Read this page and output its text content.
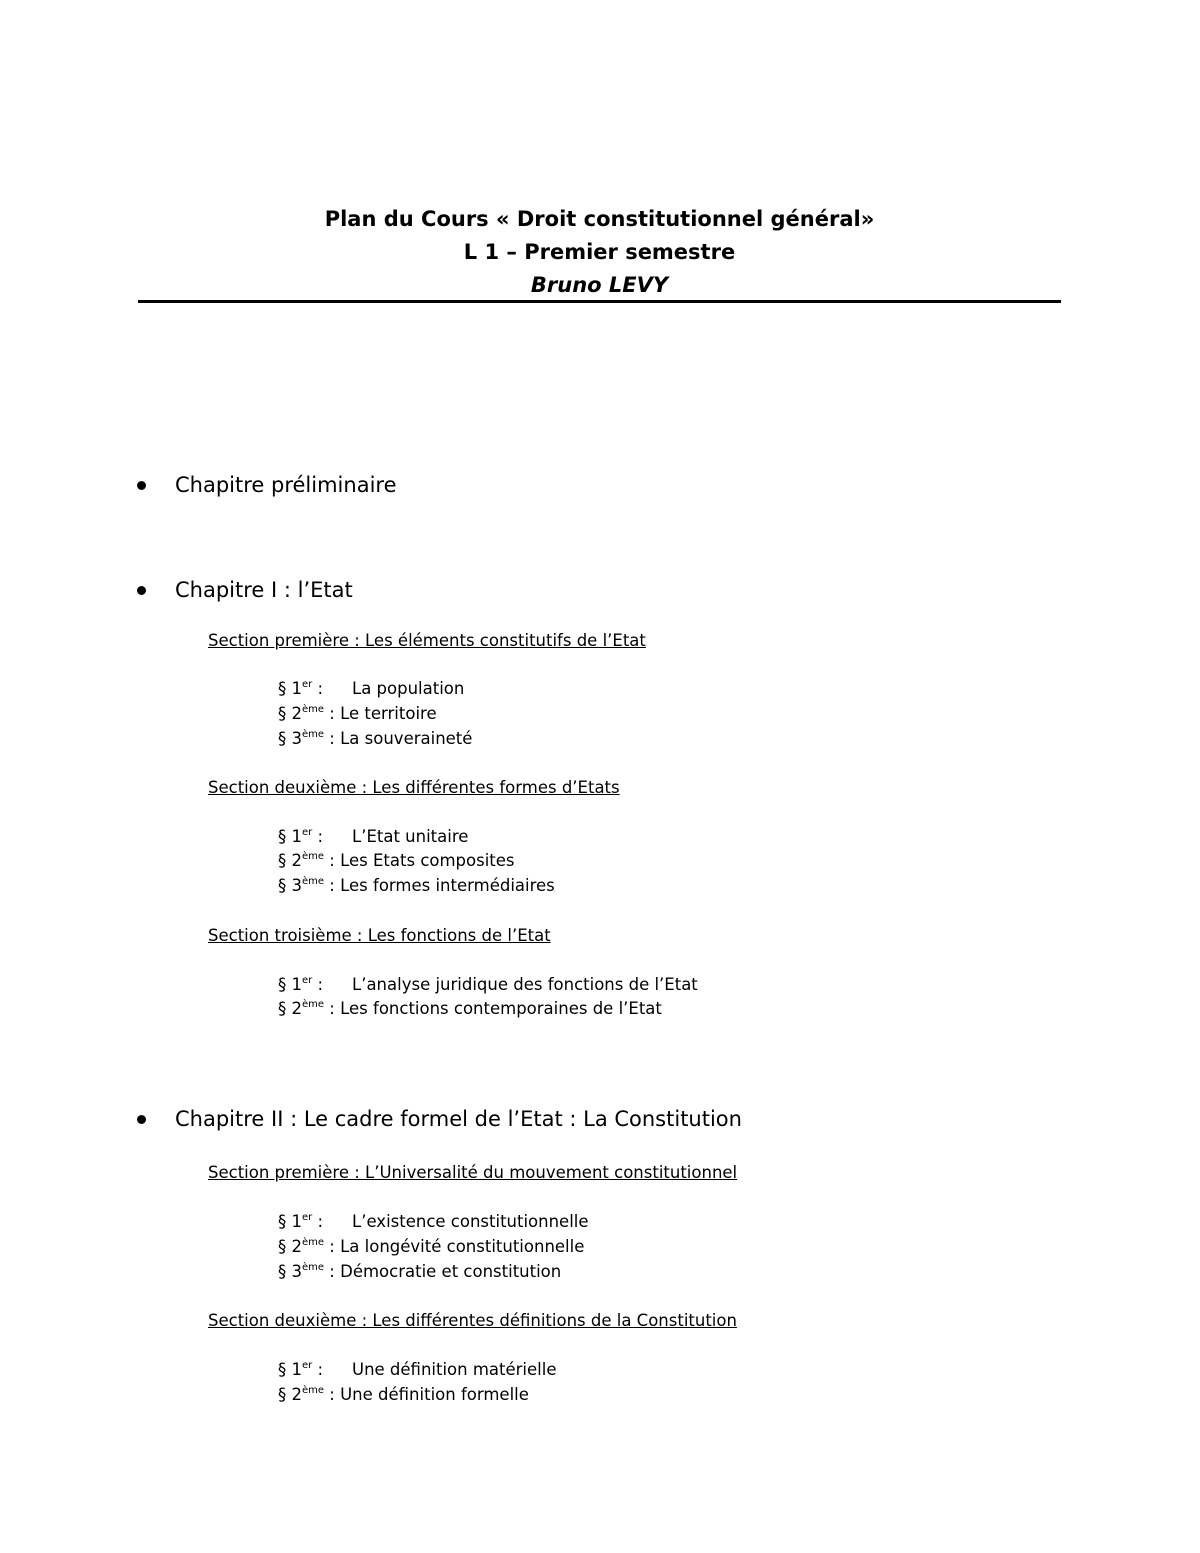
Plan du Cours « Droit constitutionnel général»
L 1 – Premier semestre
Bruno LEVY
Chapitre préliminaire
Chapitre I : l’Etat
Section première : Les éléments constitutifs de l’Etat
§ 1er : La population
§ 2ème : Le territoire
§ 3ème : La souveraineté
Section deuxième : Les différentes formes d’Etats
§ 1er : L’Etat unitaire
§ 2ème : Les Etats composites
§ 3ème : Les formes intermédiaires
Section troisième : Les fonctions de l’Etat
§ 1er : L’analyse juridique des fonctions de l’Etat
§ 2ème : Les fonctions contemporaines de l’Etat
Chapitre II : Le cadre formel de l’Etat : La Constitution
Section première : L’Universalité du mouvement constitutionnel
§ 1er : L’existence constitutionnelle
§ 2ème : La longévité constitutionnelle
§ 3ème : Démocratie et constitution
Section deuxième : Les différentes définitions de la Constitution
§ 1er : Une définition matérielle
§ 2ème : Une définition formelle
